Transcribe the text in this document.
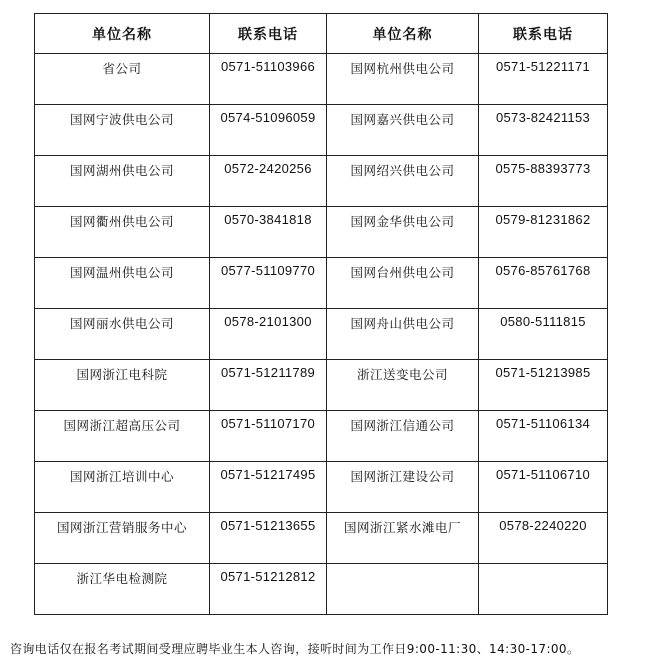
单位名称	联系电话	单位名称	联系电话
省公司	0571-51103966	国网杭州供电公司	0571-51221171
国网宁波供电公司	0574-51096059	国网嘉兴供电公司	0573-82421153
国网湖州供电公司	0572-2420256	国网绍兴供电公司	0575-88393773
国网衢州供电公司	0570-3841818	国网金华供电公司	0579-81231862
国网温州供电公司	0577-51109770	国网台州供电公司	0576-85761768
国网丽水供电公司	0578-2101300	国网舟山供电公司	0580-5111815
国网浙江电科院	0571-51211789	浙江送变电公司	0571-51213985
国网浙江超高压公司	0571-51107170	国网浙江信通公司	0571-51106134
国网浙江培训中心	0571-51217495	国网浙江建设公司	0571-51106710
国网浙江营销服务中心	0571-51213655	国网浙江紧水滩电厂	0578-2240220
浙江华电检测院	0571-51212812		
咨询电话仅在报名考试期间受理应聘毕业生本人咨询，接听时间为工作日9:00-11:30、14:30-17:00。
